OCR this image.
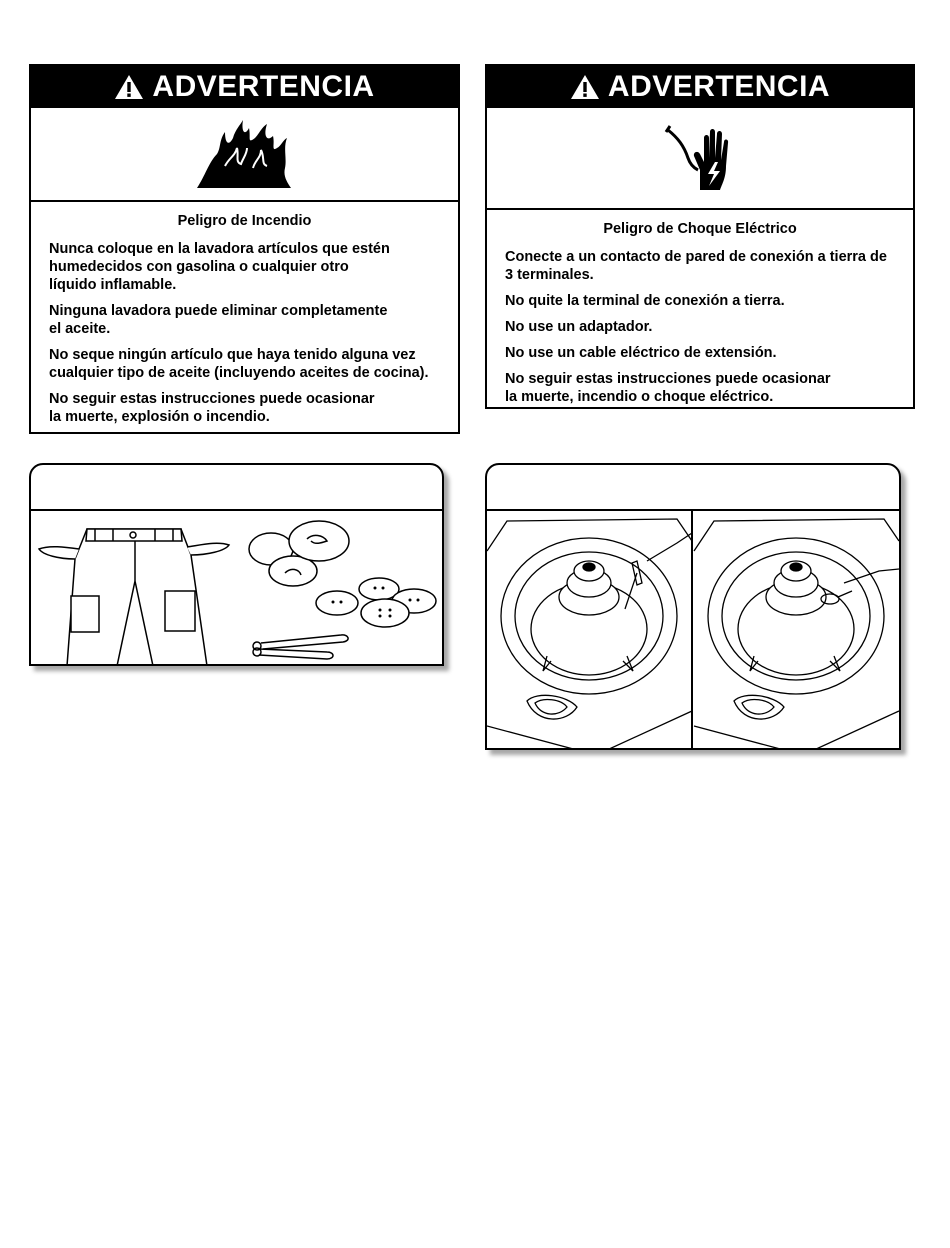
ADVERTENCIA
Peligro de Incendio

Nunca coloque en la lavadora artículos que estén
humedecidos con gasolina o cualquier otro
líquido inflamable.

Ninguna lavadora puede eliminar completamente
el aceite.

No seque ningún artículo que haya tenido alguna vez
cualquier tipo de aceite (incluyendo aceites de cocina).

No seguir estas instrucciones puede ocasionar
la muerte, explosión o incendio.

ADVERTENCIA
Peligro de Choque Eléctrico

Conecte a un contacto de pared de conexión a tierra de
3 terminales.

No quite la terminal de conexión a tierra.

No use un adaptador.

No use un cable eléctrico de extensión.

No seguir estas instrucciones puede ocasionar
la muerte, incendio o choque eléctrico.
